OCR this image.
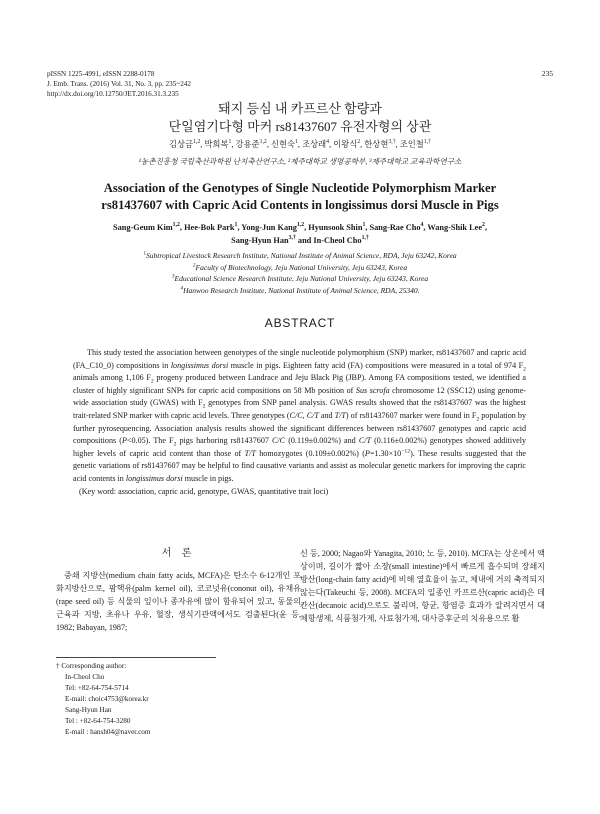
pISSN 1225-4991, eISSN 2288-0178
J. Emb. Trans. (2016) Vol. 31, No. 3, pp. 235~242
http://dx.doi.org/10.12750/JET.2016.31.3.235
235
돼지 등심 내 카프르산 함량과
단일염기다형 마커 rs81437607 유전자형의 상관
김상금$^{1,2}$, 박희복$^1$, 강용준$^{1,2}$, 신현숙$^1$, 조상래$^4$, 이왕식$^2$, 한상현$^{3,\dagger}$, 조인철$^{1,\dagger}$
¹농촌진흥청 국립축산과학원 난지축산연구소, ²제주대학교 생명공학부, ³제주대학교 교육과학연구소
Association of the Genotypes of Single Nucleotide Polymorphism Marker
rs81437607 with Capric Acid Contents in longissimus dorsi Muscle in Pigs
Sang-Geum Kim$^{1,2}$, Hee-Bok Park$^1$, Yong-Jun Kang$^{1,2}$, Hyunsook Shin$^1$, Sang-Rae Cho$^4$, Wang-Shik Lee$^2$,
Sang-Hyun Han$^{3,\dagger}$ and In-Cheol Cho$^{1,\dagger}$
$^1$Subtropical Livestock Research Institute, National Institute of Animal Science, RDA, Jeju 63242, Korea
$^2$Faculty of Biotechnology, Jeju National University, Jeju 63243, Korea
$^3$Educational Science Research Institute, Jeju National University, Jeju 63243, Korea
$^4$Hanwoo Research Institute, National Institute of Animal Science, RDA, 25340.
ABSTRACT

This study tested the association between genotypes of the single nucleotide polymorphism (SNP) marker, rs81437607 and capric acid (FA_C10_0) compositions in longissimus dorsi muscle in pigs. Eighteen fatty acid (FA) compositions were measured in a total of 974 $F_2$ animals among 1,106 $F_2$ progeny produced between Landrace and Jeju Black Pig (JBP). Among FA compositions tested, we identified a cluster of highly significant SNPs for capric acid compositions on 58 Mb position of Sus scrofa chromosome 12 (SSC12) using genome-wide association study (GWAS) with $F_2$ genotypes from SNP panel analysis. GWAS results showed that the rs81437607 was the highest trait-related SNP marker with capric acid levels. Three genotypes (C/C, C/T and T/T) of rs81437607 marker were found in $F_2$ population by further pyrosequencing. Association analysis results showed the significant differences between rs81437607 genotypes and capric acid compositions (P<0.05). The $F_2$ pigs harboring rs81437607 C/C (0.119±0.002%) and C/T (0.116±0.002%) genotypes showed additively higher levels of capric acid content than those of T/T homozygotes (0.109±0.002%) $(P=1.30\times 10^{-12})$. These results suggested that the genetic variations of rs81437607 may be helpful to find causative variants and assist as molecular genetic markers for improving the capric acid contents in longissimus dorsi muscle in pigs.

(Key word: association, capric acid, genotype, GWAS, quantitative trait loci)

서 론

중쇄 지방산(medium chain fatty acids, MCFA)은 탄소수 6-12개인 포화지방산으로, 팜핵유(palm kernel oil), 코코넛유(cononut oil), 유채유(rape seed oil) 등 식물의 잎이나 종자유에 많이 함유되어 있고, 동물의 근육과 지방, 초유나 우유, 혈장, 생식기관액에서도 검출된다(윤 등, 1982; Babayan, 1987;

신 등, 2000; Nagao와 Yanagita, 2010; 노 등, 2010). MCFA는 상온에서 액상이며, 길이가 짧아 소장(small intestine)에서 빠르게 흡수되며 장쇄지방산(long-chain fatty acid)에 비해 열효율이 높고, 체내에 거의 축적되지 않는다(Takeuchi 등, 2008). MCFA의 일종인 카프르산(capric acid)은 데칸산(decanoic acid)으로도 불리며, 항균, 항염증 효과가 알려지면서 대체항생제, 식품첨가제, 사료첨가제, 대사증후군의 치유용으로 활

† Corresponding author:
In-Cheol Cho
Tel: +82-64-754-5714
E-mail: choic4753@korea.kr
Sang-Hyun Han
Tel : +82-64-754-3280
E-mail : hansh04@naver.com
